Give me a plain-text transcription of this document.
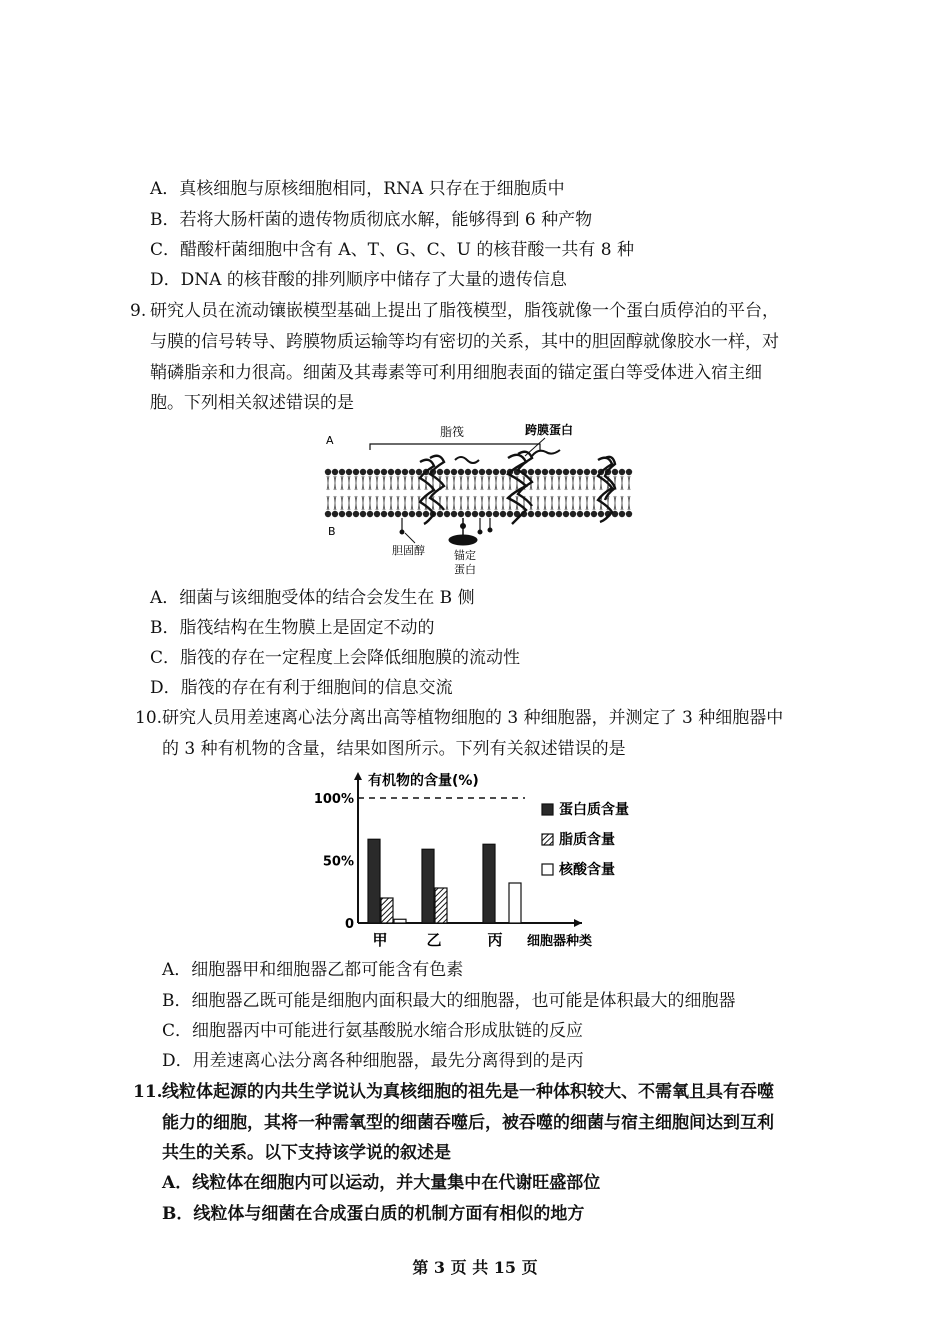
A．真核细胞与原核细胞相同，RNA 只存在于细胞质中
B．若将大肠杆菌的遗传物质彻底水解，能够得到 6 种产物
C．醋酸杆菌细胞中含有 A、T、G、C、U 的核苷酸一共有 8 种
D．DNA 的核苷酸的排列顺序中储存了大量的遗传信息
9. 研究人员在流动镶嵌模型基础上提出了脂筏模型，脂筏就像一个蛋白质停泊的平台，
与膜的信号转导、跨膜物质运输等均有密切的关系，其中的胆固醇就像胶水一样，对
鞘磷脂亲和力很高。细菌及其毒素等可利用细胞表面的锚定蛋白等受体进入宿主细
胞。下列相关叙述错误的是
脂筏	跨膜蛋白
A
B
胆固醇	锚定
蛋白
A．细菌与该细胞受体的结合会发生在 B 侧
B．脂筏结构在生物膜上是固定不动的
C．脂筏的存在一定程度上会降低细胞膜的流动性
D．脂筏的存在有利于细胞间的信息交流
10. 研究人员用差速离心法分离出高等植物细胞的 3 种细胞器，并测定了 3 种细胞器中
的 3 种有机物的含量，结果如图所示。下列有关叙述错误的是
有机物的含量(%)
0
50%
100%
甲	乙	丙 细胞器种类
蛋白质含量
脂质含量
核酸含量
A．细胞器甲和细胞器乙都可能含有色素
B．细胞器乙既可能是细胞内面积最大的细胞器，也可能是体积最大的细胞器
C．细胞器丙中可能进行氨基酸脱水缩合形成肽链的反应
D．用差速离心法分离各种细胞器，最先分离得到的是丙
11. 线粒体起源的内共生学说认为真核细胞的祖先是一种体积较大、不需氧且具有吞噬
能力的细胞，其将一种需氧型的细菌吞噬后，被吞噬的细菌与宿主细胞间达到互利
共生的关系。以下支持该学说的叙述是
A．线粒体在细胞内可以运动，并大量集中在代谢旺盛部位
B．线粒体与细菌在合成蛋白质的机制方面有相似的地方
第 3 页 共 15 页
